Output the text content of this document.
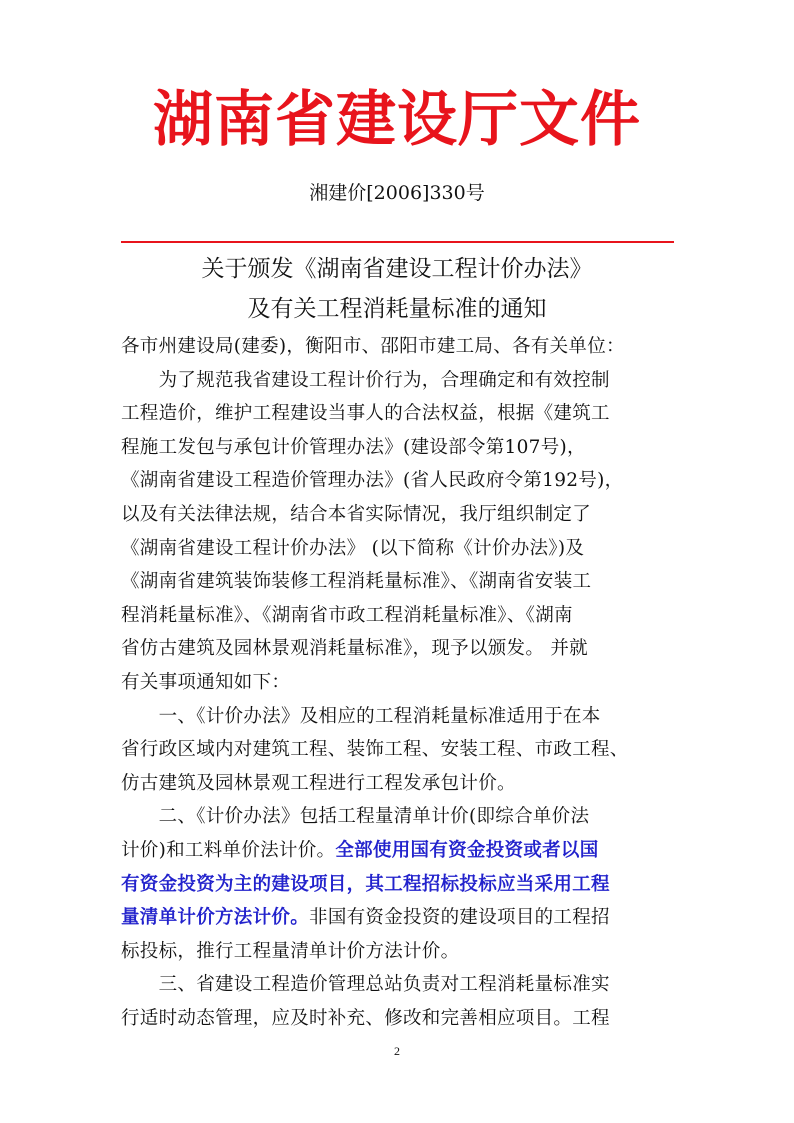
湖南省建设厅文件
湘建价[2006]330号
关于颁发《湖南省建设工程计价办法》
及有关工程消耗量标准的通知
各市州建设局(建委)，衡阳市、邵阳市建工局、各有关单位：
　　为了规范我省建设工程计价行为，合理确定和有效控制
工程造价，维护工程建设当事人的合法权益，根据《建筑工
程施工发包与承包计价管理办法》(建设部令第107号)，
《湖南省建设工程造价管理办法》(省人民政府令第192号)，
以及有关法律法规，结合本省实际情况，我厅组织制定了
《湖南省建设工程计价办法》 (以下简称《计价办法》)及
《湖南省建筑装饰装修工程消耗量标准》、《湖南省安装工
程消耗量标准》、《湖南省市政工程消耗量标准》、《湖南
省仿古建筑及园林景观消耗量标准》，现予以颁发。 并就
有关事项通知如下：
　　一、《计价办法》及相应的工程消耗量标准适用于在本
省行政区域内对建筑工程、装饰工程、安装工程、市政工程、
仿古建筑及园林景观工程进行工程发承包计价。
　　二、《计价办法》包括工程量清单计价(即综合单价法
计价)和工料单价法计价。全部使用国有资金投资或者以国
有资金投资为主的建设项目，其工程招标投标应当采用工程
量清单计价方法计价。非国有资金投资的建设项目的工程招
标投标，推行工程量清单计价方法计价。
　　三、省建设工程造价管理总站负责对工程消耗量标准实
行适时动态管理，应及时补充、修改和完善相应项目。工程
2
